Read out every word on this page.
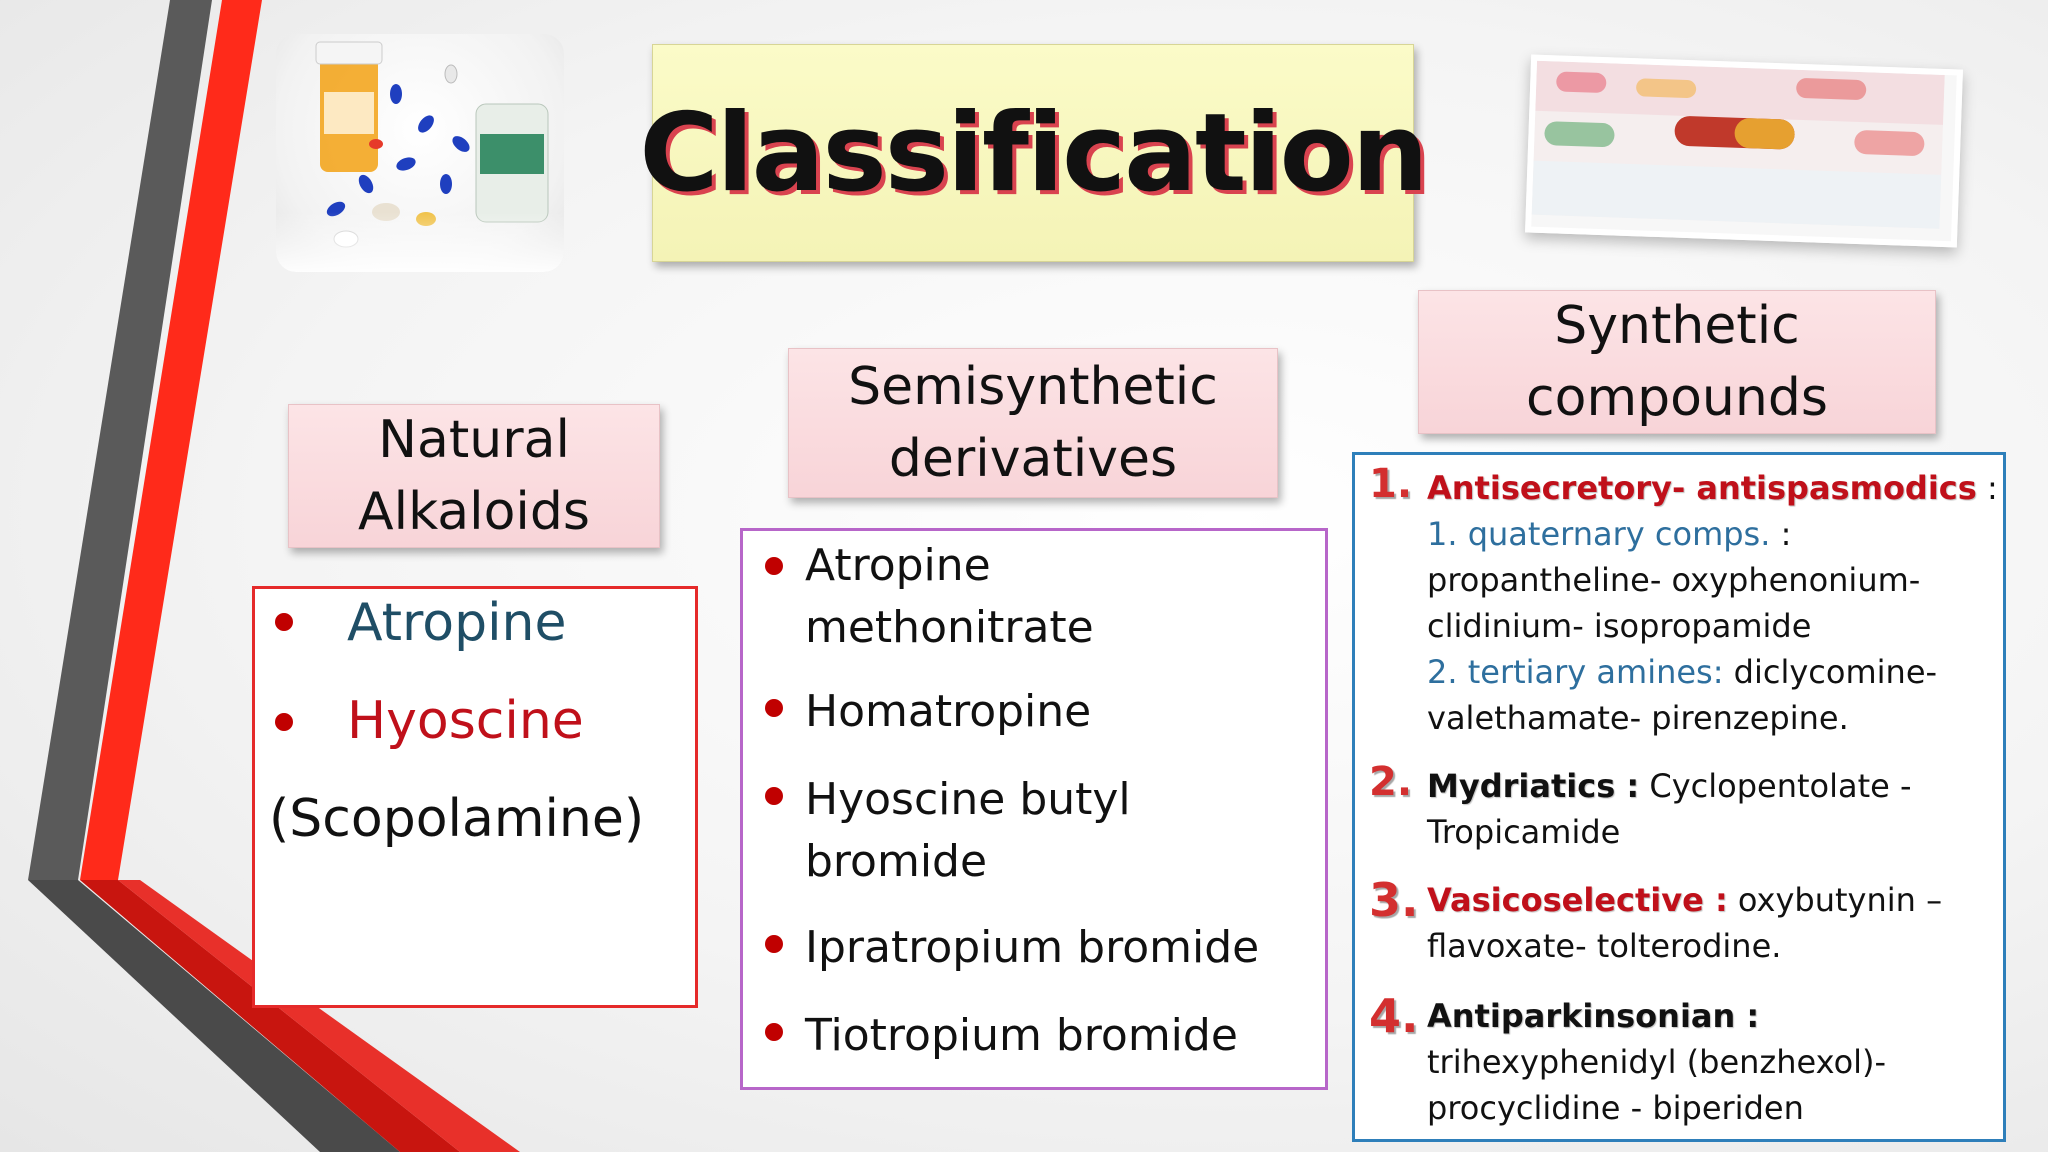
Classification
Natural
Alkaloids
Semisynthetic
derivatives
Synthetic
compounds
Atropine
Hyoscine
(Scopolamine)
Atropine
methonitrate
Homatropine
Hyoscine butyl
bromide
Ipratropium bromide
Tiotropium bromide
1. Antisecretory- antispasmodics :
1. quaternary comps. :
propantheline- oxyphenonium-
clidinium- isopropamide
2. tertiary amines: diclycomine-
valethamate- pirenzepine.
2. Mydriatics : Cyclopentolate -
Tropicamide
3. Vasicoselective : oxybutynin –
flavoxate- tolterodine.
4. Antiparkinsonian :
trihexyphenidyl (benzhexol)-
procyclidine - biperiden
